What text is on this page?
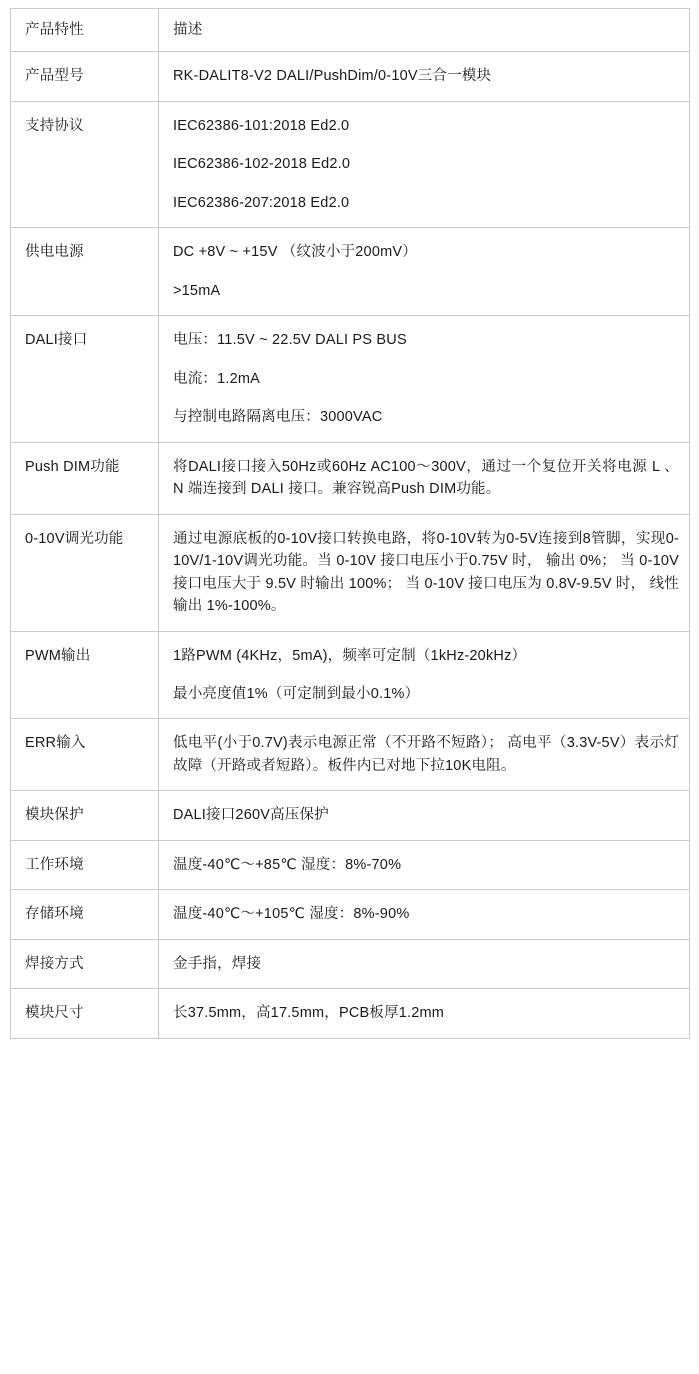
产品特性	描述
产品型号	RK-DALIT8-V2 DALI/PushDim/0-10V三合一模块

支持协议	IEC62386-101:2018 Ed2.0

IEC62386-102-2018 Ed2.0

IEC62386-207:2018 Ed2.0

供电电源	DC +8V ~ +15V （纹波小于200mV）

>15mA

DALI接口	电压：11.5V ~ 22.5V DALI PS BUS

电流：1.2mA

与控制电路隔离电压：3000VAC

Push DIM功能	将DALI接口接入50Hz或60Hz AC100～300V，通过一个复位开关将电源 L 、 N 端连接到 DALI 接口。兼容锐高Push DIM功能。

0-10V调光功能	通过电源底板的0-10V接口转换电路，将0-10V转为0-5V连接到8管脚，实现0-10V/1-10V调光功能。当 0-10V 接口电压小于0.75V 时， 输出 0%； 当 0-10V 接口电压大于 9.5V 时输出 100%； 当 0-10V 接口电压为 0.8V-9.5V 时， 线性输出 1%-100%。

PWM输出	1路PWM (4KHz，5mA)，频率可定制（1kHz-20kHz）

最小亮度值1%（可定制到最小0.1%）

ERR输入	低电平(小于0.7V)表示电源正常（不开路不短路）； 高电平（3.3V-5V）表示灯故障（开路或者短路）。板件内已对地下拉10K电阻。

模块保护	DALI接口260V高压保护

工作环境	温度-40℃～+85℃ 湿度：8%-70%

存储环境	温度-40℃～+105℃ 湿度：8%-90%

焊接方式	金手指，焊接

模块尺寸	长37.5mm，高17.5mm，PCB板厚1.2mm
